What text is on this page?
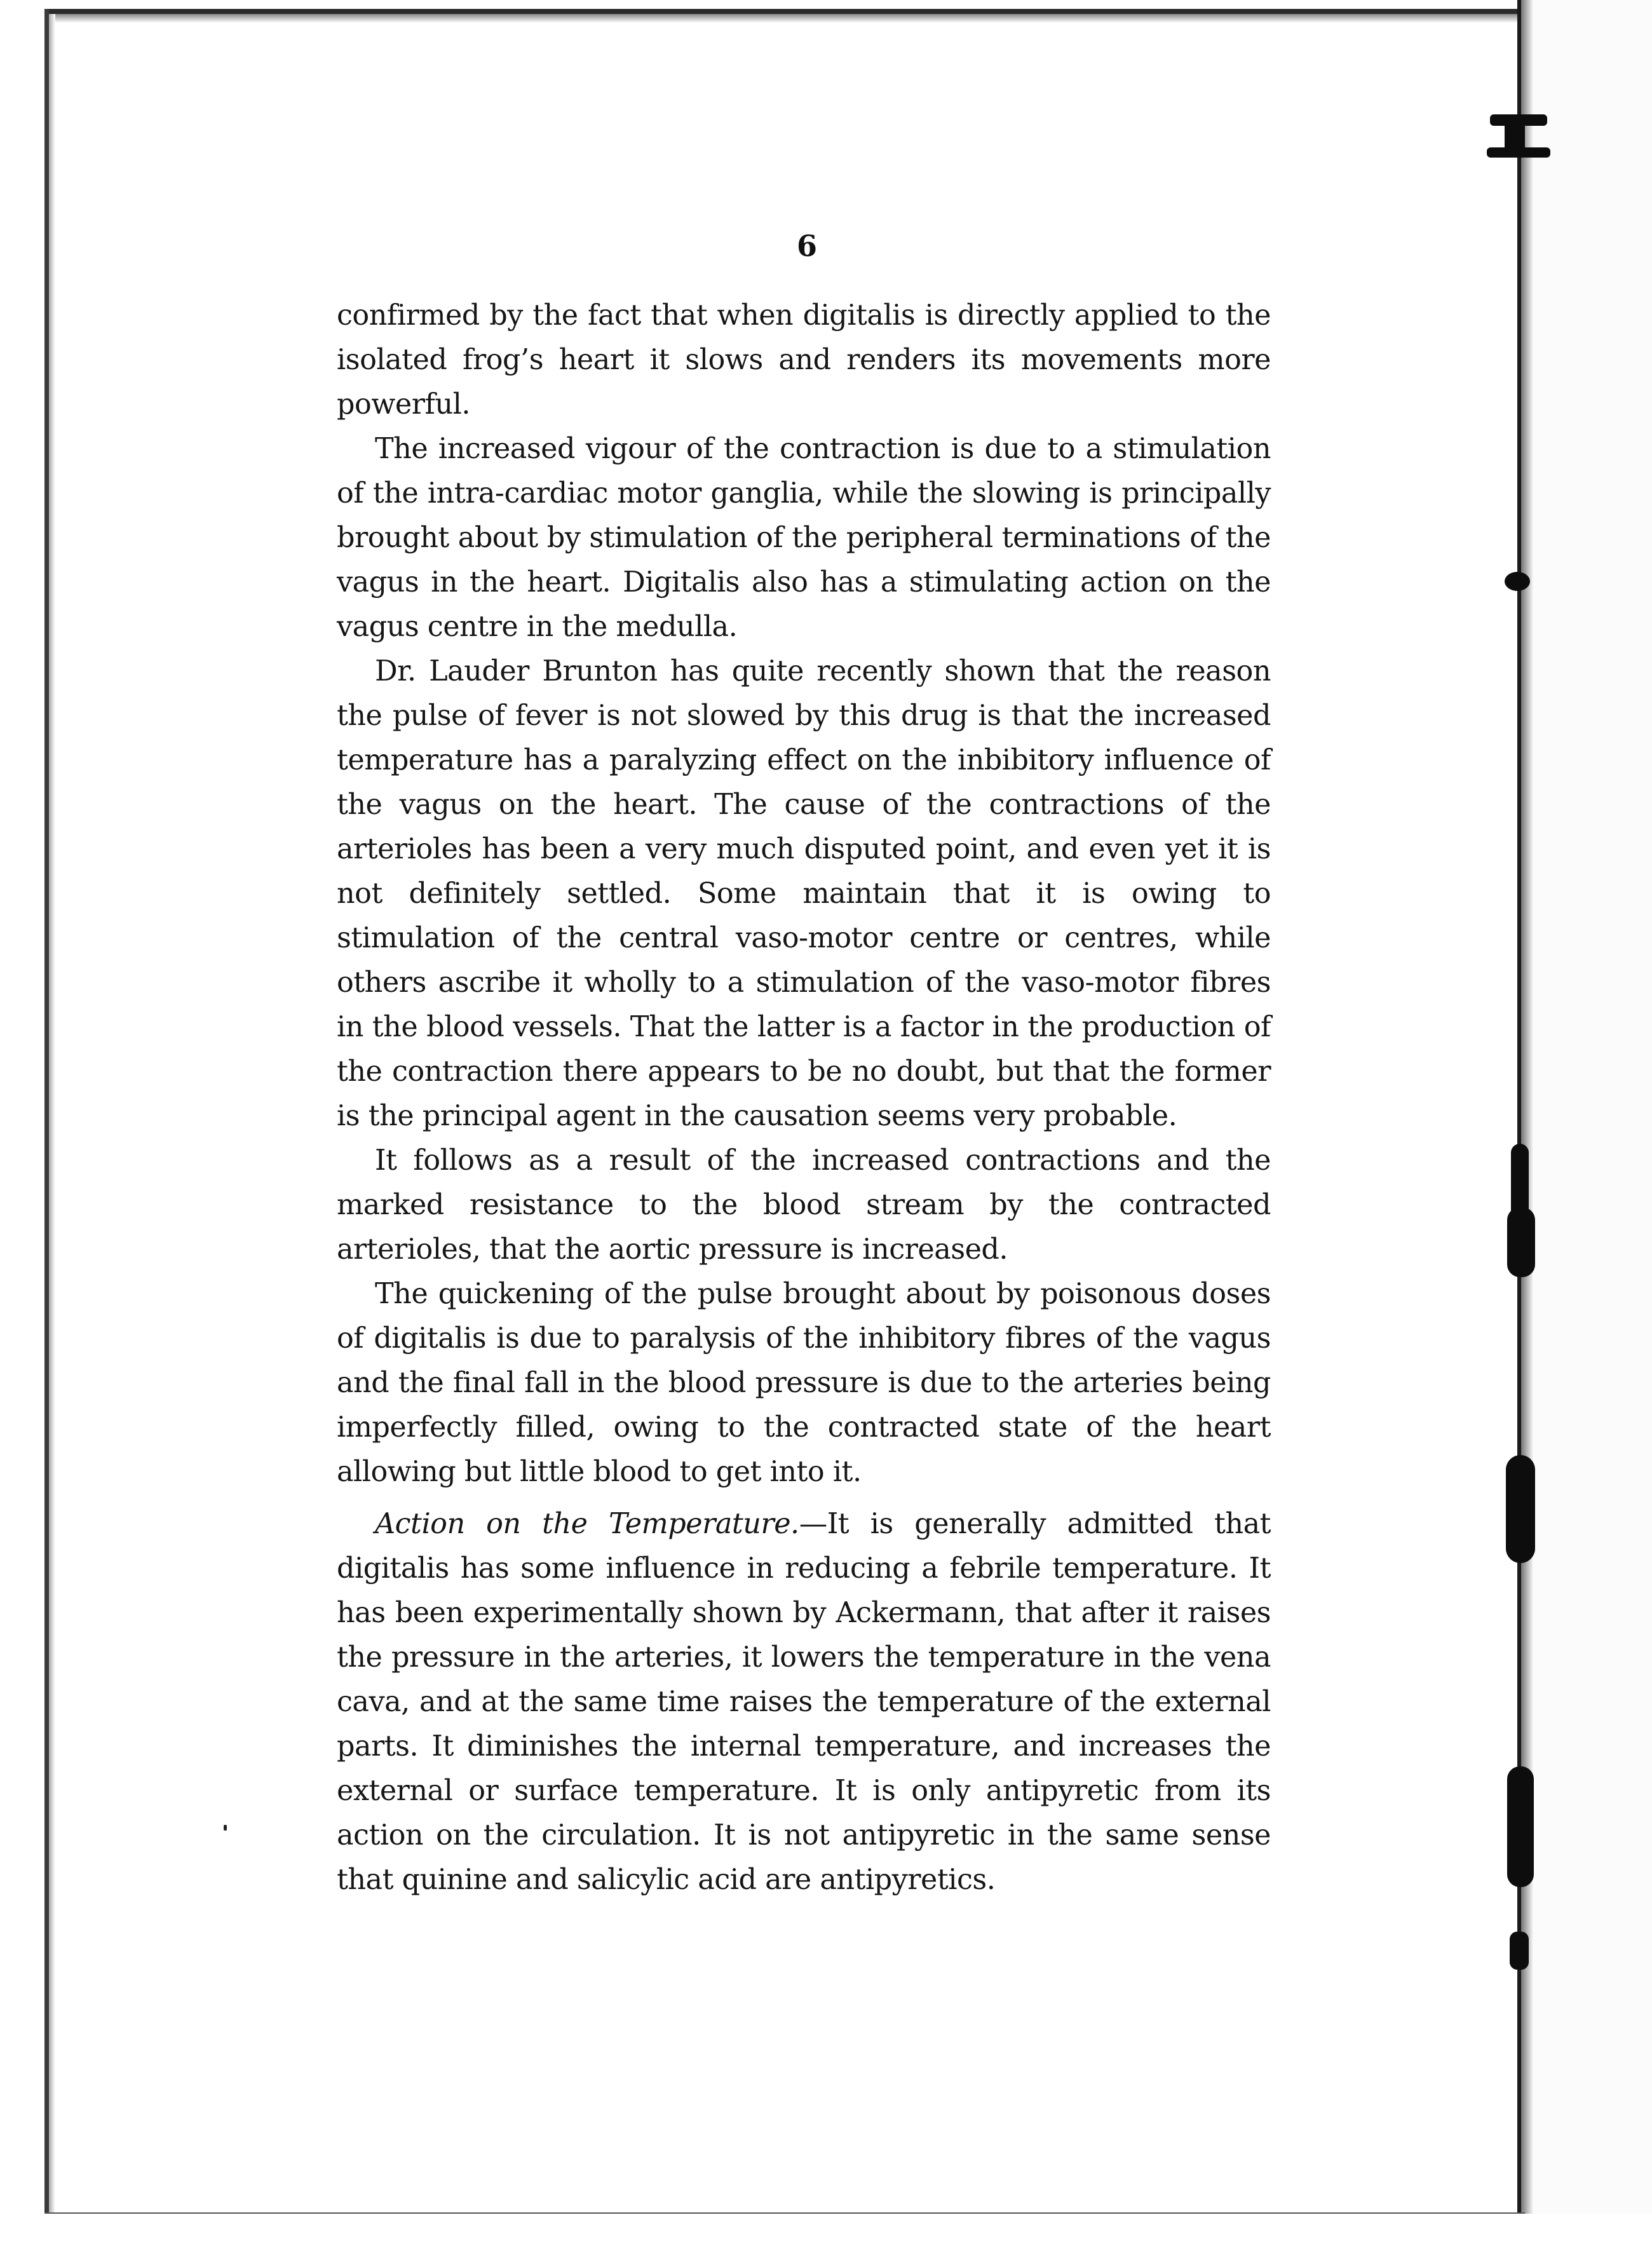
6

confirmed by the fact that when digitalis is directly applied to the isolated frog’s heart it slows and renders its movements more powerful.

The increased vigour of the contraction is due to a stimulation of the intra-cardiac motor ganglia, while the slowing is principally brought about by stimulation of the peripheral terminations of the vagus in the heart. Digitalis also has a stimulating action on the vagus centre in the medulla.

Dr. Lauder Brunton has quite recently shown that the reason the pulse of fever is not slowed by this drug is that the increased temperature has a paralyzing effect on the inbibitory influence of the vagus on the heart. The cause of the contractions of the arterioles has been a very much disputed point, and even yet it is not definitely settled. Some maintain that it is owing to stimulation of the central vaso-motor centre or centres, while others ascribe it wholly to a stimulation of the vaso-motor fibres in the blood vessels. That the latter is a factor in the production of the contraction there appears to be no doubt, but that the former is the principal agent in the causation seems very probable.

It follows as a result of the increased contractions and the marked resistance to the blood stream by the contracted arterioles, that the aortic pressure is increased.

The quickening of the pulse brought about by poisonous doses of digitalis is due to paralysis of the inhibitory fibres of the vagus and the final fall in the blood pressure is due to the arteries being imperfectly filled, owing to the contracted state of the heart allowing but little blood to get into it.

Action on the Temperature.—It is generally admitted that digitalis has some influence in reducing a febrile temperature. It has been experimentally shown by Ackermann, that after it raises the pressure in the arteries, it lowers the temperature in the vena cava, and at the same time raises the temperature of the external parts. It diminishes the internal temperature, and increases the external or surface temperature. It is only antipyretic from its action on the circulation. It is not antipyretic in the same sense that quinine and salicylic acid are antipyretics.
